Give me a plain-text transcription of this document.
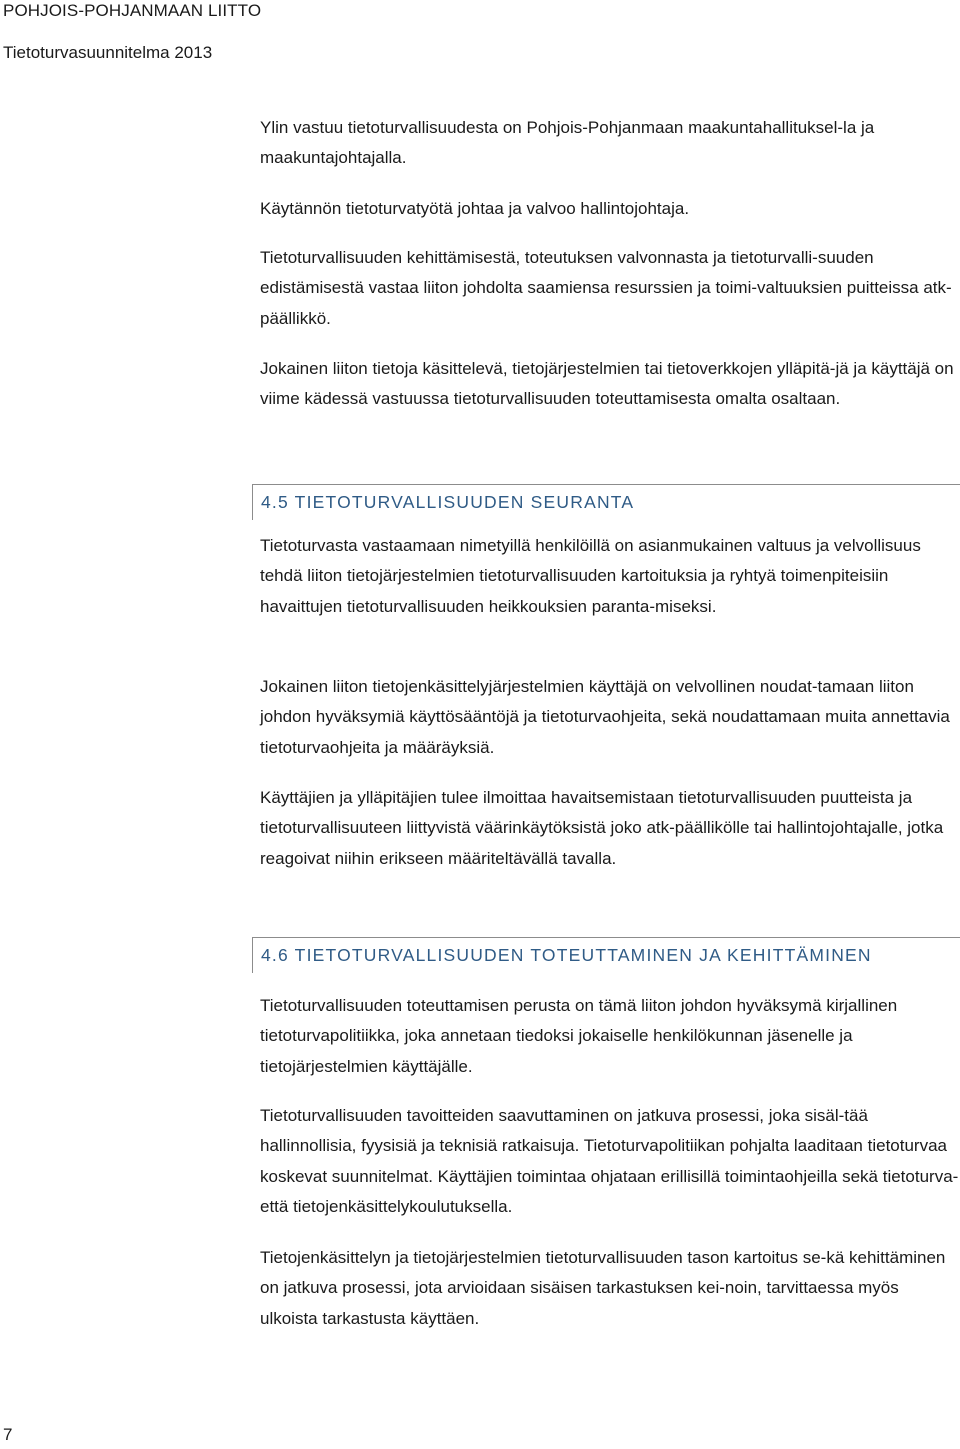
POHJOIS-POHJANMAAN LIITTO
Tietoturvasuunnitelma 2013

Ylin vastuu tietoturvallisuudesta on Pohjois-Pohjanmaan maakuntahallituksel-la ja maakuntajohtajalla.

Käytännön tietoturvatyötä johtaa ja valvoo hallintojohtaja.

Tietoturvallisuuden kehittämisestä, toteutuksen valvonnasta ja tietoturvalli-suuden edistämisestä vastaa liiton johdolta saamiensa resurssien ja toimi-valtuuksien puitteissa atk-päällikkö.

Jokainen liiton tietoja käsittelevä, tietojärjestelmien tai tietoverkkojen ylläpitä-jä ja käyttäjä on viime kädessä vastuussa tietoturvallisuuden toteuttamisesta omalta osaltaan.

4.5 TIETOTURVALLISUUDEN SEURANTA

Tietoturvasta vastaamaan nimetyillä henkilöillä on asianmukainen valtuus ja velvollisuus tehdä liiton tietojärjestelmien tietoturvallisuuden kartoituksia ja ryhtyä toimenpiteisiin havaittujen tietoturvallisuuden heikkouksien paranta-miseksi.

Jokainen liiton tietojenkäsittelyjärjestelmien käyttäjä on velvollinen noudat-tamaan liiton johdon hyväksymiä käyttösääntöjä ja tietoturvaohjeita, sekä noudattamaan muita annettavia tietoturvaohjeita ja määräyksiä.

Käyttäjien ja ylläpitäjien tulee ilmoittaa havaitsemistaan tietoturvallisuuden puutteista ja tietoturvallisuuteen liittyvistä väärinkäytöksistä joko atk-päällikölle tai hallintojohtajalle, jotka reagoivat niihin erikseen määriteltävällä tavalla.

4.6 TIETOTURVALLISUUDEN TOTEUTTAMINEN JA KEHITTÄMINEN

Tietoturvallisuuden toteuttamisen perusta on tämä liiton johdon hyväksymä kirjallinen tietoturvapolitiikka, joka annetaan tiedoksi jokaiselle henkilökunnan jäsenelle ja tietojärjestelmien käyttäjälle.

Tietoturvallisuuden tavoitteiden saavuttaminen on jatkuva prosessi, joka sisäl-tää hallinnollisia, fyysisiä ja teknisiä ratkaisuja. Tietoturvapolitiikan pohjalta laaditaan tietoturvaa koskevat suunnitelmat. Käyttäjien toimintaa ohjataan erillisillä toimintaohjeilla sekä tietoturva- että tietojenkäsittelykoulutuksella.

Tietojenkäsittelyn ja tietojärjestelmien tietoturvallisuuden tason kartoitus se-kä kehittäminen on jatkuva prosessi, jota arvioidaan sisäisen tarkastuksen kei-noin, tarvittaessa myös ulkoista tarkastusta käyttäen.

7
